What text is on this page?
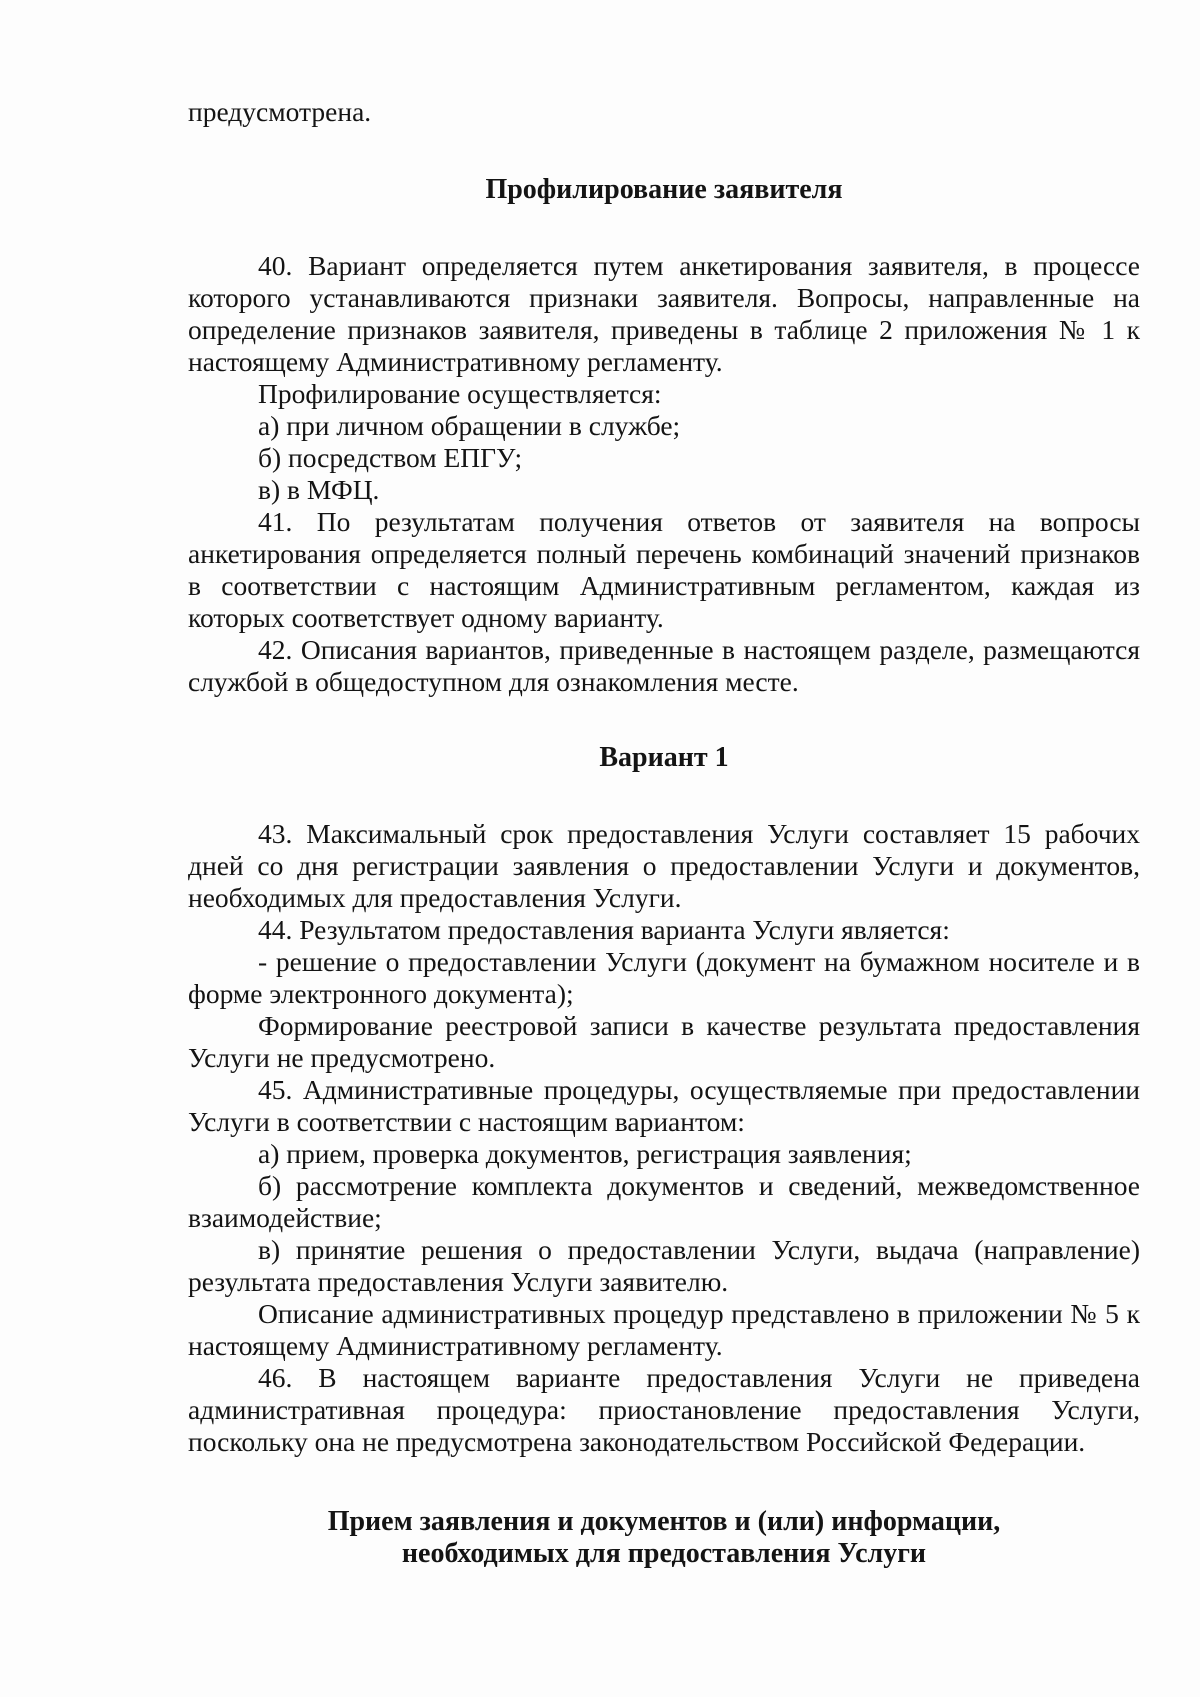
предусмотрена.

Профилирование заявителя

40. Вариант определяется путем анкетирования заявителя, в процессе которого устанавливаются признаки заявителя. Вопросы, направленные на определение признаков заявителя, приведены в таблице 2 приложения № 1 к настоящему Административному регламенту.

Профилирование осуществляется:

а) при личном обращении в службе;

б) посредством ЕПГУ;

в) в МФЦ.

41. По результатам получения ответов от заявителя на вопросы анкетирования определяется полный перечень комбинаций значений признаков в соответствии с настоящим Административным регламентом, каждая из которых соответствует одному варианту.

42. Описания вариантов, приведенные в настоящем разделе, размещаются службой в общедоступном для ознакомления месте.

Вариант 1

43. Максимальный срок предоставления Услуги составляет 15 рабочих дней со дня регистрации заявления о предоставлении Услуги и документов, необходимых для предоставления Услуги.

44. Результатом предоставления варианта Услуги является:

- решение о предоставлении Услуги (документ на бумажном носителе и в форме электронного документа);

Формирование реестровой записи в качестве результата предоставления Услуги не предусмотрено.

45. Административные процедуры, осуществляемые при предоставлении Услуги в соответствии с настоящим вариантом:

а) прием, проверка документов, регистрация заявления;

б) рассмотрение комплекта документов и сведений, межведомственное взаимодействие;

в) принятие решения о предоставлении Услуги, выдача (направление) результата предоставления Услуги заявителю.

Описание административных процедур представлено в приложении № 5 к настоящему Административному регламенту.

46. В настоящем варианте предоставления Услуги не приведена административная процедура: приостановление предоставления Услуги, поскольку она не предусмотрена законодательством Российской Федерации.

Прием заявления и документов и (или) информации,
необходимых для предоставления Услуги
